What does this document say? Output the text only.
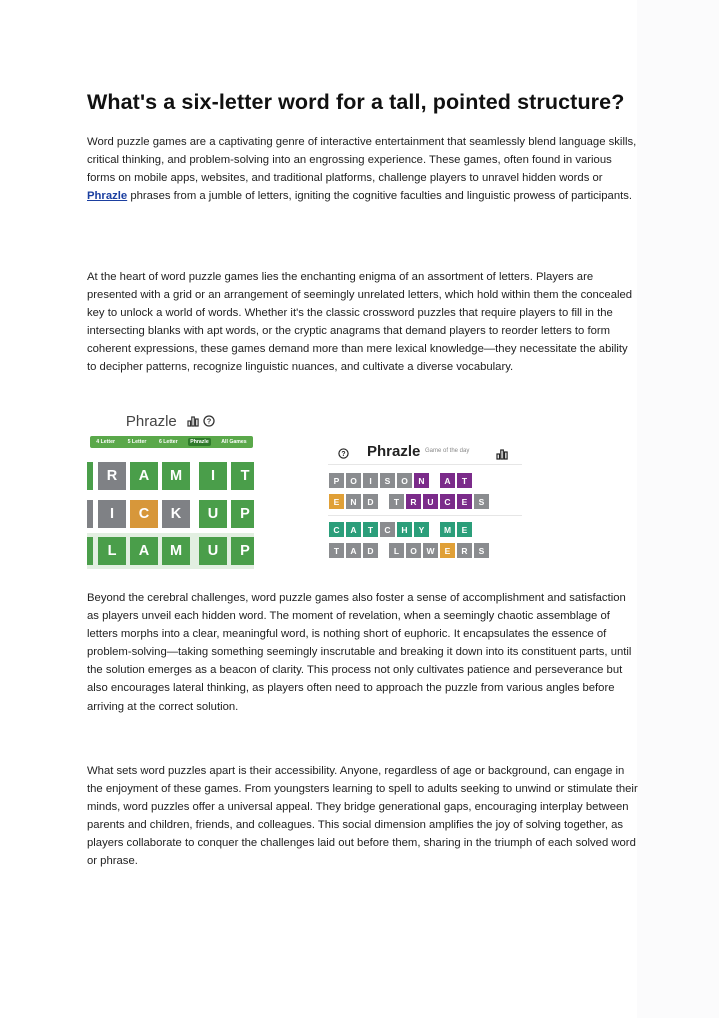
What's a six-letter word for a tall, pointed structure?

Word puzzle games are a captivating genre of interactive entertainment that seamlessly blend language skills, critical thinking, and problem-solving into an engrossing experience. These games, often found in various forms on mobile apps, websites, and traditional platforms, challenge players to unravel hidden words or Phrazle phrases from a jumble of letters, igniting the cognitive faculties and linguistic prowess of participants.

At the heart of word puzzle games lies the enchanting enigma of an assortment of letters. Players are presented with a grid or an arrangement of seemingly unrelated letters, which hold within them the concealed key to unlock a world of words. Whether it's the classic crossword puzzles that require players to fill in the intersecting blanks with apt words, or the cryptic anagrams that demand players to reorder letters to form coherent expressions, these games demand more than mere lexical knowledge—they necessitate the ability to decipher patterns, recognize linguistic nuances, and cultivate a diverse vocabulary.

Beyond the cerebral challenges, word puzzle games also foster a sense of accomplishment and satisfaction as players unveil each hidden word. The moment of revelation, when a seemingly chaotic assemblage of letters morphs into a clear, meaningful word, is nothing short of euphoric. It encapsulates the essence of problem-solving—taking something seemingly inscrutable and breaking it down into its constituent parts, until the solution emerges as a beacon of clarity. This process not only cultivates patience and perseverance but also encourages lateral thinking, as players often need to approach the puzzle from various angles before arriving at the correct solution.

What sets word puzzles apart is their accessibility. Anyone, regardless of age or background, can engage in the enjoyment of these games. From youngsters learning to spell to adults seeking to unwind or stimulate their minds, word puzzles offer a universal appeal. They bridge generational gaps, encouraging interplay between parents and children, friends, and colleagues. This social dimension amplifies the joy of solving together, as players collaborate to conquer the challenges laid out before them, sharing in the triumph of each solved word or phrase.

Phrazle	?
4 Letter	5 Letter	6 Letter	Phrazle	All Games
R	A	M	I	T
I	C	K	U	P
L	A	M	U	P
? Phrazle Game of the day
P	O	I	S	O	N	A	T
E	N	D	T	R	U	C	E	S
C	A	T	C	H	Y	M	E
T	A	D	L	O	W	E	R	S
